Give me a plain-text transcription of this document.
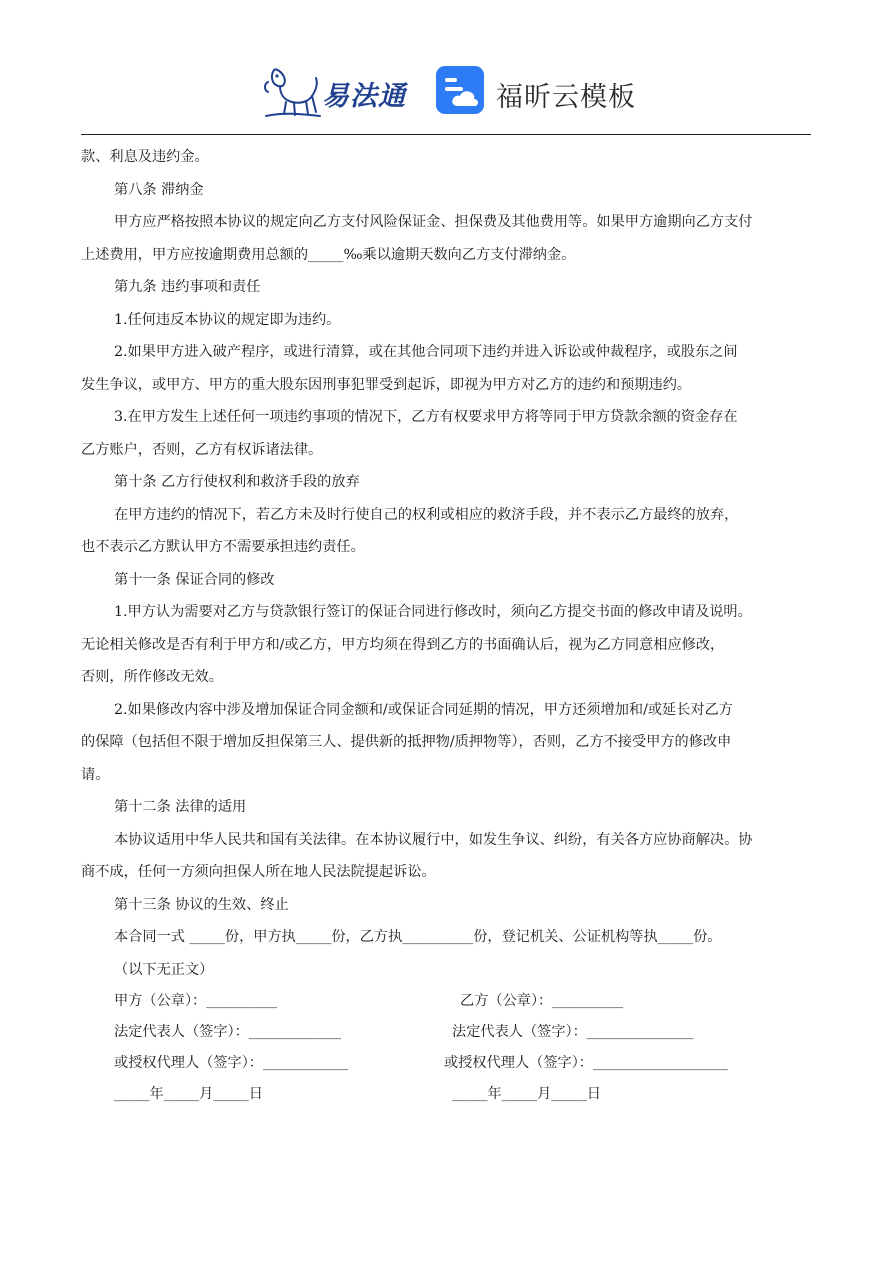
易法通	福昕云模板
款、利息及违约金。
第八条 滞纳金
甲方应严格按照本协议的规定向乙方支付风险保证金、担保费及其他费用等。如果甲方逾期向乙方支付
上述费用，甲方应按逾期费用总额的_____‰乘以逾期天数向乙方支付滞纳金。
第九条 违约事项和责任
1.任何违反本协议的规定即为违约。
2.如果甲方进入破产程序，或进行清算，或在其他合同项下违约并进入诉讼或仲裁程序，或股东之间
发生争议，或甲方、甲方的重大股东因刑事犯罪受到起诉，即视为甲方对乙方的违约和预期违约。
3.在甲方发生上述任何一项违约事项的情况下，乙方有权要求甲方将等同于甲方贷款余额的资金存在
乙方账户，否则，乙方有权诉诸法律。
第十条 乙方行使权利和救济手段的放弃
在甲方违约的情况下，若乙方未及时行使自己的权利或相应的救济手段，并不表示乙方最终的放弃，
也不表示乙方默认甲方不需要承担违约责任。
第十一条 保证合同的修改
1.甲方认为需要对乙方与贷款银行签订的保证合同进行修改时，须向乙方提交书面的修改申请及说明。
无论相关修改是否有利于甲方和/或乙方，甲方均须在得到乙方的书面确认后，视为乙方同意相应修改，
否则，所作修改无效。
2.如果修改内容中涉及增加保证合同金额和/或保证合同延期的情况，甲方还须增加和/或延长对乙方
的保障（包括但不限于增加反担保第三人、提供新的抵押物/质押物等），否则，乙方不接受甲方的修改申
请。
第十二条 法律的适用
本协议适用中华人民共和国有关法律。在本协议履行中，如发生争议、纠纷，有关各方应协商解决。协
商不成，任何一方须向担保人所在地人民法院提起诉讼。
第十三条 协议的生效、终止
本合同一式 _____份，甲方执_____份，乙方执__________份，登记机关、公证机构等执_____份。
（以下无正文）
甲方（公章）：__________	乙方（公章）：__________
法定代表人（签字）：_____________	法定代表人（签字）：_______________
或授权代理人（签字）：____________	或授权代理人（签字）：___________________
_____年_____月_____日	_____年_____月_____日
